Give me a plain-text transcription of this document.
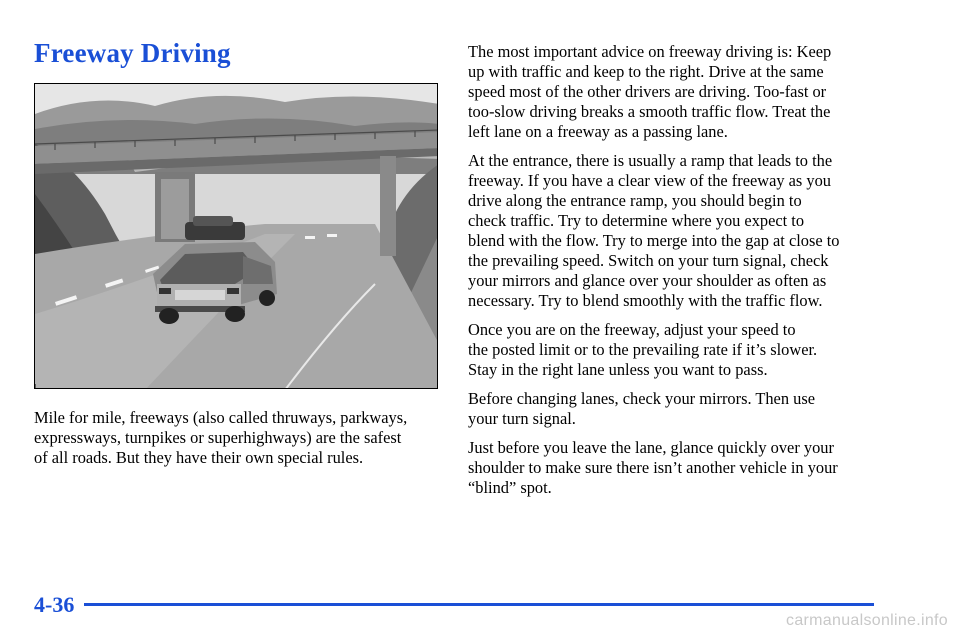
Freeway Driving

Mile for mile, freeways (also called thruways, parkways,
expressways, turnpikes or superhighways) are the safest
of all roads. But they have their own special rules.

The most important advice on freeway driving is: Keep
up with traffic and keep to the right. Drive at the same
speed most of the other drivers are driving. Too-fast or
too-slow driving breaks a smooth traffic flow. Treat the
left lane on a freeway as a passing lane.

At the entrance, there is usually a ramp that leads to the
freeway. If you have a clear view of the freeway as you
drive along the entrance ramp, you should begin to
check traffic. Try to determine where you expect to
blend with the flow. Try to merge into the gap at close to
the prevailing speed. Switch on your turn signal, check
your mirrors and glance over your shoulder as often as
necessary. Try to blend smoothly with the traffic flow.

Once you are on the freeway, adjust your speed to
the posted limit or to the prevailing rate if it’s slower.
Stay in the right lane unless you want to pass.

Before changing lanes, check your mirrors. Then use
your turn signal.

Just before you leave the lane, glance quickly over your
shoulder to make sure there isn’t another vehicle in your
“blind” spot.

4-36
carmanualsonline.info
